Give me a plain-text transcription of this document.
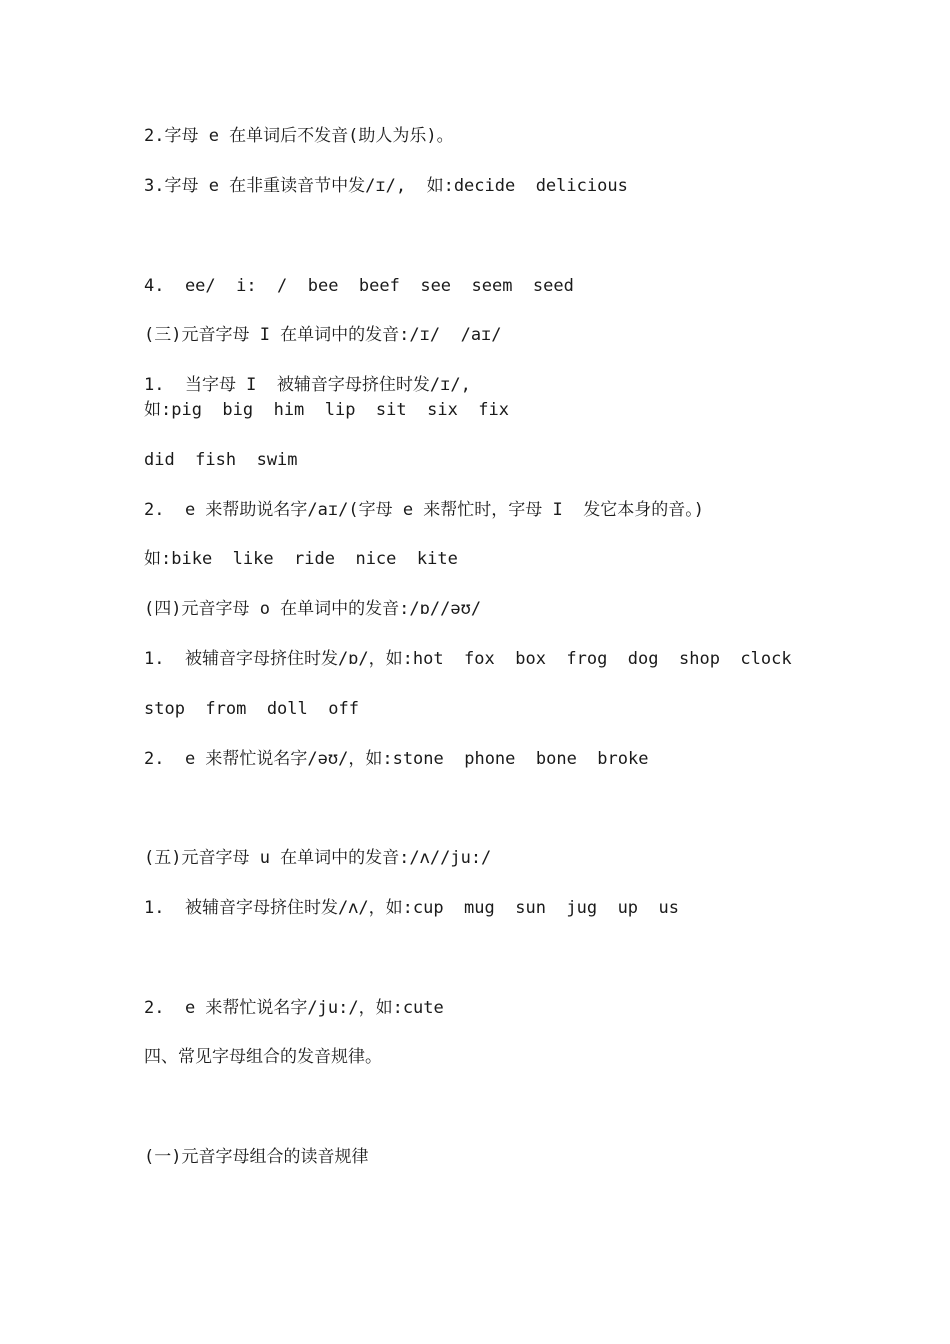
2.字母 e 在单词后不发音(助人为乐)。
3.字母 e 在非重读音节中发/ɪ/,  如:decide  delicious
4.  ee/  i:  /  bee  beef  see  seem  seed
(三)元音字母 I 在单词中的发音:/ɪ/  /aɪ/
1.  当字母 I  被辅音字母挤住时发/ɪ/,
如:pig  big  him  lip  sit  six  fix
did  fish  swim
2.  e 来帮助说名字/aɪ/(字母 e 来帮忙时，字母 I  发它本身的音。)
如:bike  like  ride  nice  kite
(四)元音字母 o 在单词中的发音:/ɒ//əʊ/
1.  被辅音字母挤住时发/ɒ/，如:hot  fox  box  frog  dog  shop  clock
stop  from  doll  off
2.  e 来帮忙说名字/əʊ/，如:stone  phone  bone  broke
(五)元音字母 u 在单词中的发音:/ʌ//ju:/
1.  被辅音字母挤住时发/ʌ/，如:cup  mug  sun  jug  up  us
2.  e 来帮忙说名字/ju:/，如:cute
四、常见字母组合的发音规律。
(一)元音字母组合的读音规律
